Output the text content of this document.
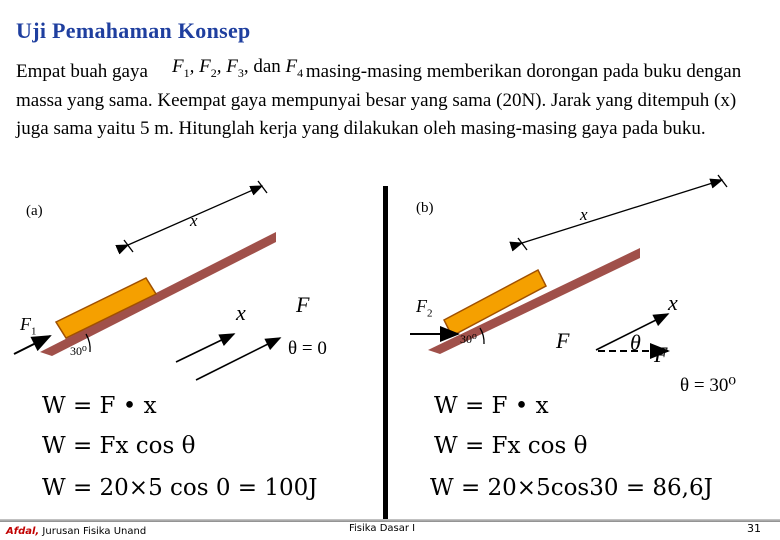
Uji Pemahaman Konsep
Empat buah gaya	masing-masing memberikan dorongan pada buku dengan massa yang sama. Keempat gaya mempunyai besar yang sama (20N). Jarak yang ditempuh (x) juga sama yaitu 5 m. Hitunglah kerja yang dilakukan oleh masing-masing gaya pada buku.
$F_1$, $F_2$, $F_3$, dan $F_4$
(a)	x
$F_1$
30⁰
x F
θ = 0
W = F • x
W = Fx cos θ
W = 20×5 cos 0 = 100J
(b)	x
$F_2$
30⁰
x
F	θ F
θ = 30⁰
W = F • x
W = Fx cos θ
W = 20×5cos30 = 86,6J
Afdal, Jurusan Fisika Unand	Fisika Dasar I	31
